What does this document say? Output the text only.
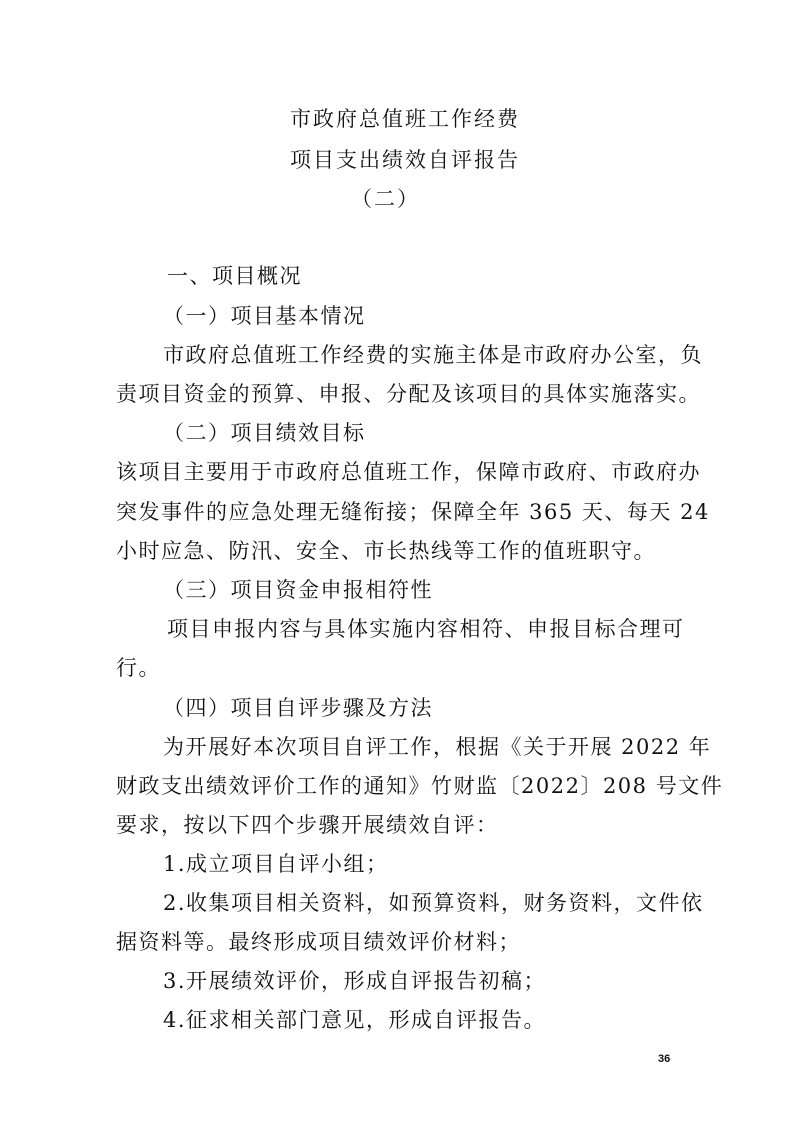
市政府总值班工作经费
项目支出绩效自评报告
（二）
一、项目概况
（一）项目基本情况
市政府总值班工作经费的实施主体是市政府办公室，负
责项目资金的预算、申报、分配及该项目的具体实施落实。
（二）项目绩效目标
该项目主要用于市政府总值班工作，保障市政府、市政府办
突发事件的应急处理无缝衔接；保障全年 365 天、每天 24
小时应急、防汛、安全、市长热线等工作的值班职守。
（三）项目资金申报相符性
项目申报内容与具体实施内容相符、申报目标合理可
行。
（四）项目自评步骤及方法
为开展好本次项目自评工作，根据《关于开展 2022 年
财政支出绩效评价工作的通知》竹财监〔2022〕208 号文件
要求，按以下四个步骤开展绩效自评：
1.成立项目自评小组；
2.收集项目相关资料，如预算资料，财务资料，文件依
据资料等。最终形成项目绩效评价材料；
3.开展绩效评价，形成自评报告初稿；
4.征求相关部门意见，形成自评报告。
36
